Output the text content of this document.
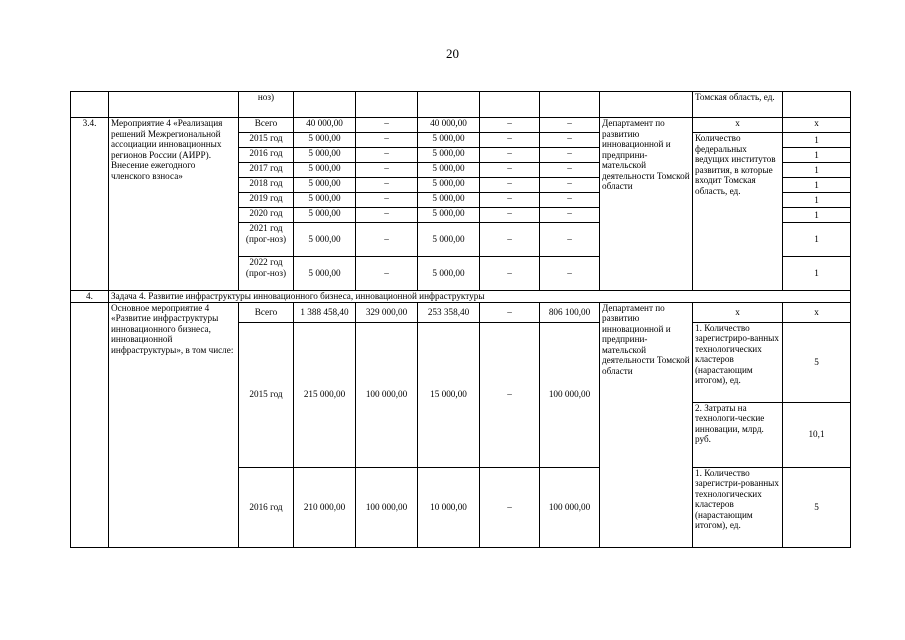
20
		ноз)							Томская область, ед.	
3.4.	Мероприятие 4 «Реализация решений Межрегиональной ассоциации инновационных регионов России (АИРР). Внесение ежегодного членского взноса»	Всего	40 000,00	–	40 000,00	–	–	Департамент по развитию инновационной и предприни-мательской деятельности Томской области	х	х
		2015 год	5 000,00	–	5 000,00	–	–		Количество федеральных ведущих институтов развития, в которые входит Томская область, ед.	1
		2016 год	5 000,00	–	5 000,00	–	–			1
		2017 год	5 000,00	–	5 000,00	–	–			1
		2018 год	5 000,00	–	5 000,00	–	–			1
		2019 год	5 000,00	–	5 000,00	–	–			1
		2020 год	5 000,00	–	5 000,00	–	–			1
		2021 год (прог-ноз)	5 000,00	–	5 000,00	–	–			1
		2022 год (прог-ноз)	5 000,00	–	5 000,00	–	–			1
4.	Задача 4. Развитие инфраструктуры инновационного бизнеса, инновационной инфраструктуры									
	Основное мероприятие 4 «Развитие инфраструктуры инновационного бизнеса, инновационной инфраструктуры», в том числе:	Всего	1 388 458,40	329 000,00	253 358,40	–	806 100,00	Департамент по развитию инновационной и предприни-мательской деятельности Томской области	х	х
		2015 год	215 000,00	100 000,00	15 000,00	–	100 000,00		1. Количество зарегистриро-ванных технологических кластеров (нарастающим итогом), ед.	5
									2. Затраты на технологи-ческие инновации, млрд. руб.	10,1
		2016 год	210 000,00	100 000,00	10 000,00	–	100 000,00		1. Количество зарегистри-рованных технологических кластеров (нарастающим итогом), ед.	5
